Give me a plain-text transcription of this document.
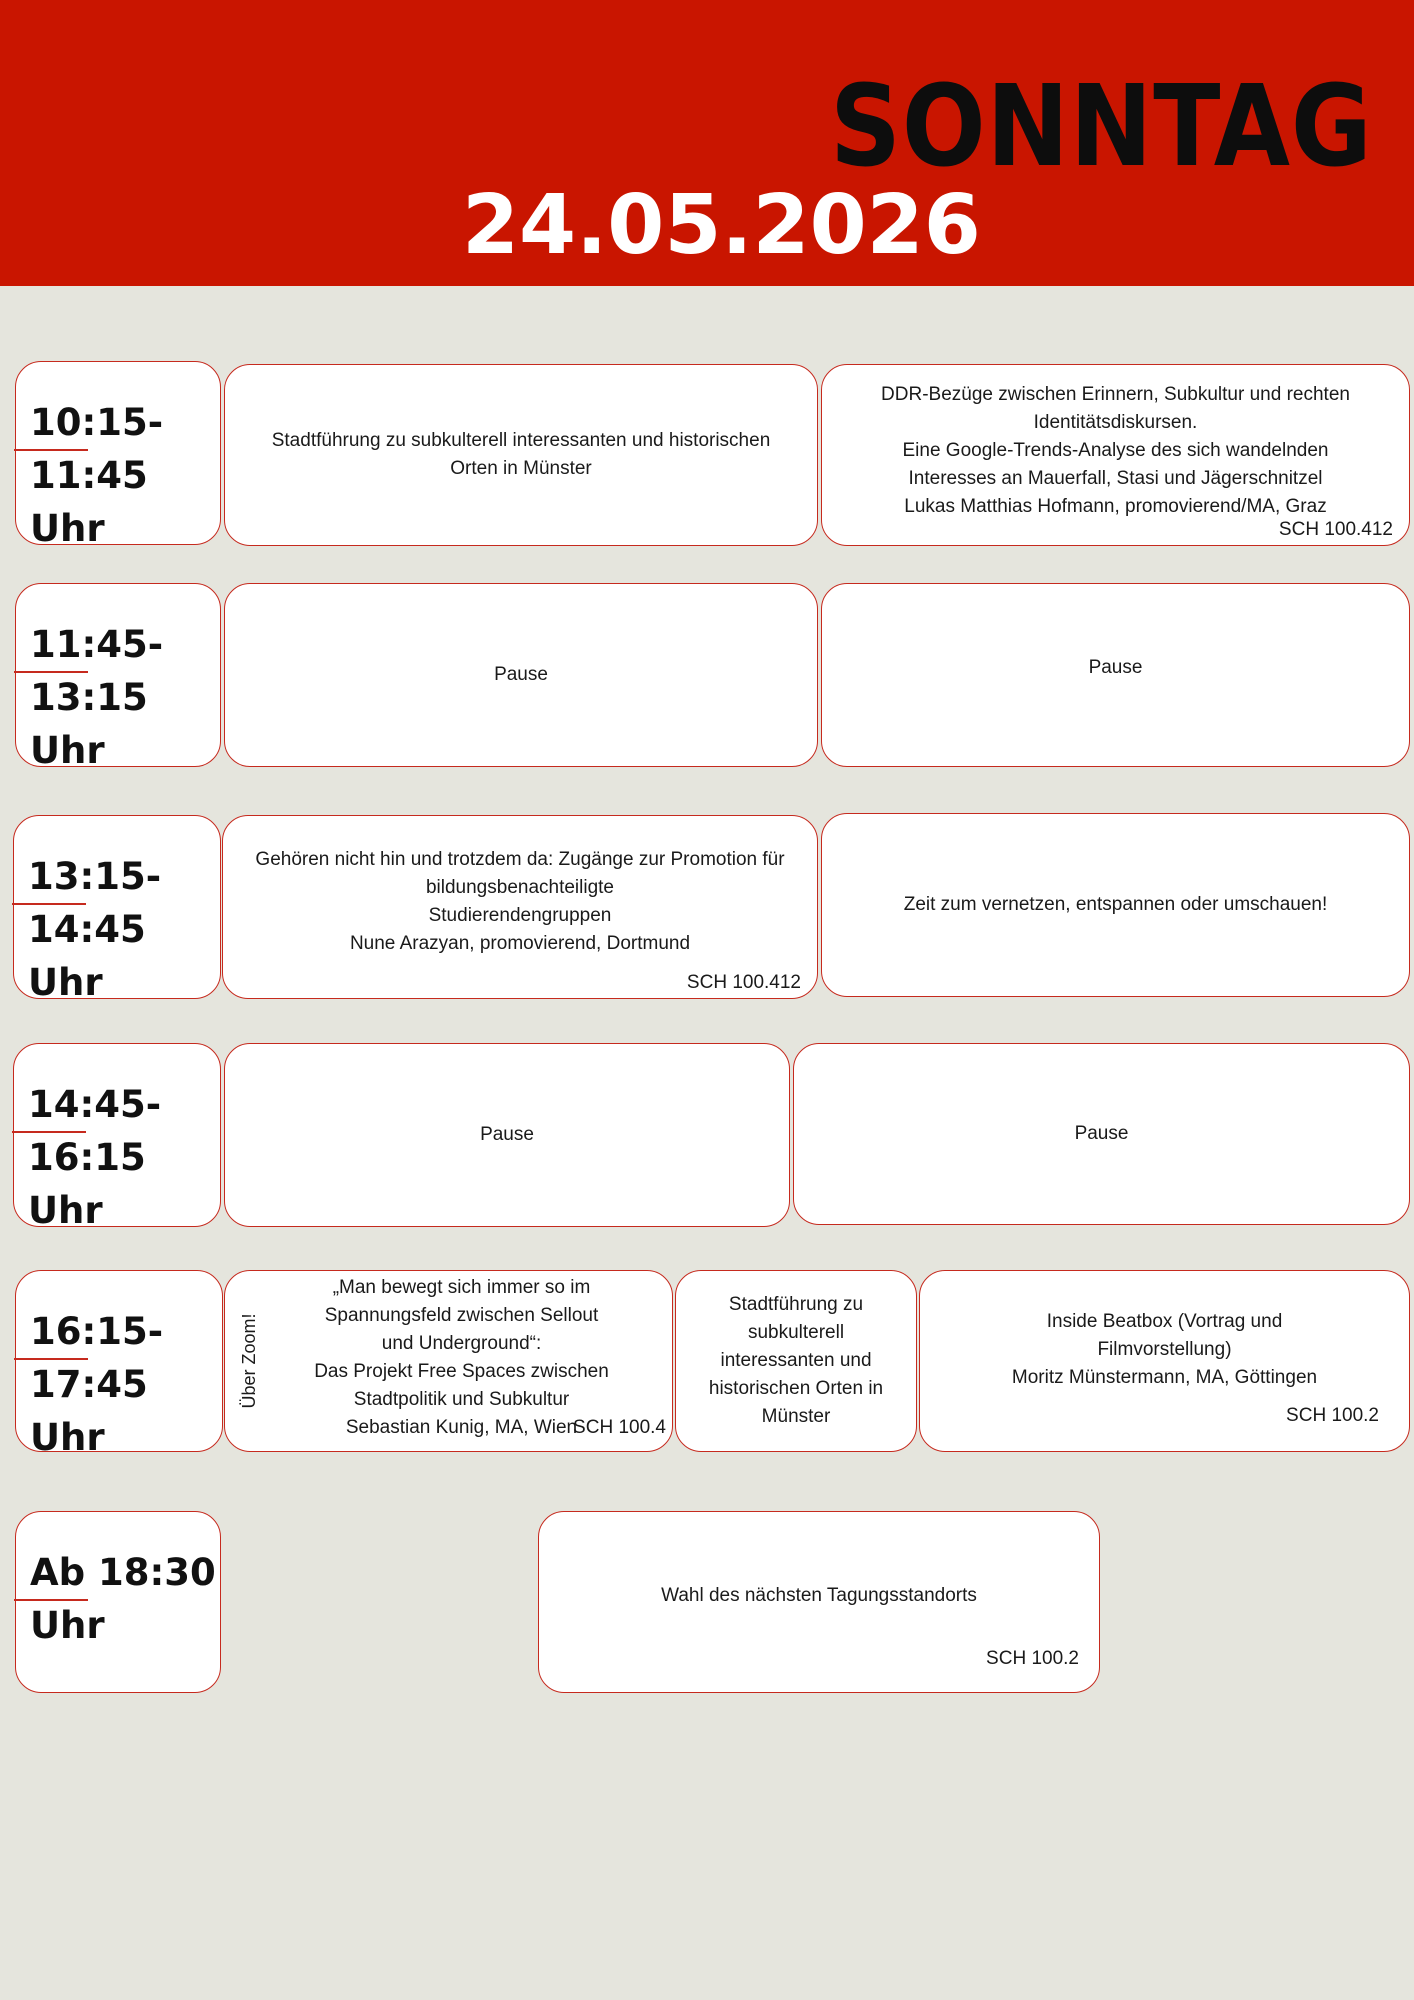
SONNTAG
24.05.2026
10:15-
11:45 Uhr
11:45-
13:15 Uhr
13:15-
14:45 Uhr
14:45-
16:15 Uhr
16:15-
17:45 Uhr
Ab 18:30
Uhr
Stadtführung zu subkulterell interessanten und historischen
Orten in Münster
DDR-Bezüge zwischen Erinnern, Subkultur und rechten
Identitätsdiskursen.
Eine Google-Trends-Analyse des sich wandelnden
Interesses an Mauerfall, Stasi und Jägerschnitzel
Lukas Matthias Hofmann, promovierend/MA, Graz
SCH 100.412
Pause	Pause
Gehören nicht hin und trotzdem da: Zugänge zur Promotion für
bildungsbenachteiligte
Studierendengruppen
Nune Arazyan, promovierend, Dortmund
SCH 100.412
Zeit zum vernetzen, entspannen oder umschauen!
Pause	Pause
Über Zoom!
„Man bewegt sich immer so im
Spannungsfeld zwischen Sellout
und Underground“:
Das Projekt Free Spaces zwischen
Stadtpolitik und Subkultur
Sebastian Kunig, MA, Wien
SCH 100.4
Stadtführung zu
subkulterell
interessanten und
historischen Orten in
Münster
Inside Beatbox (Vortrag und
Filmvorstellung)
Moritz Münstermann, MA, Göttingen
SCH 100.2
Wahl des nächsten Tagungsstandorts
SCH 100.2
